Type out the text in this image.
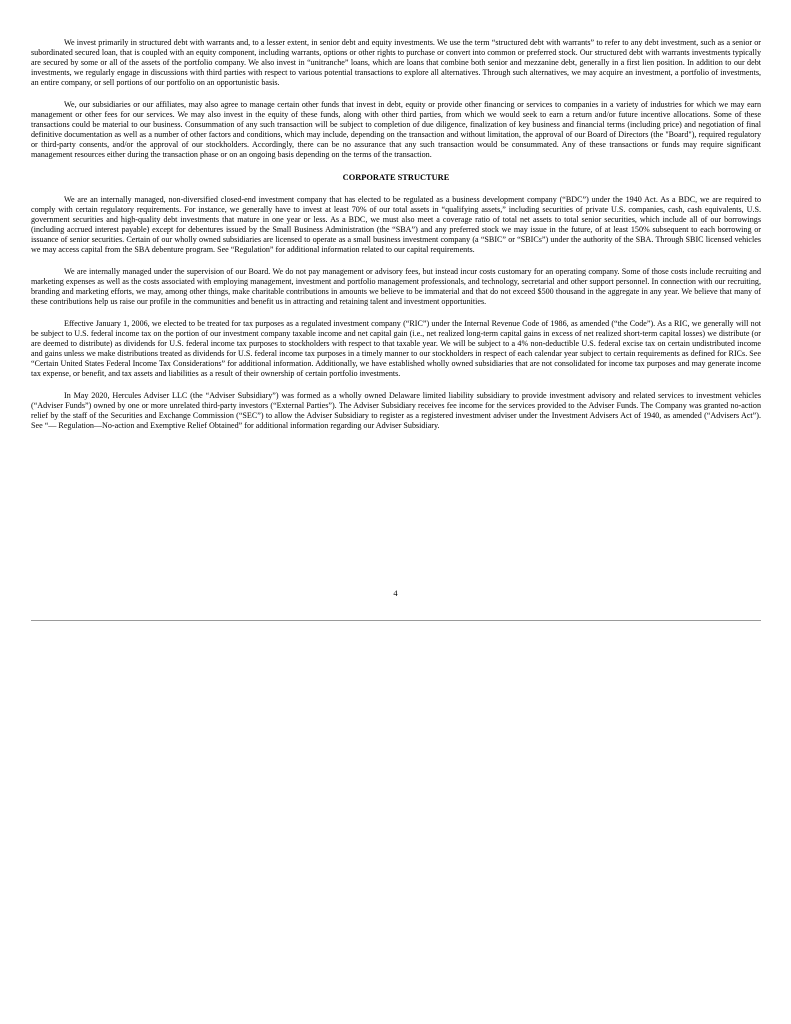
We invest primarily in structured debt with warrants and, to a lesser extent, in senior debt and equity investments. We use the term “structured debt with warrants” to refer to any debt investment, such as a senior or subordinated secured loan, that is coupled with an equity component, including warrants, options or other rights to purchase or convert into common or preferred stock. Our structured debt with warrants investments typically are secured by some or all of the assets of the portfolio company. We also invest in “unitranche” loans, which are loans that combine both senior and mezzanine debt, generally in a first lien position. In addition to our debt investments, we regularly engage in discussions with third parties with respect to various potential transactions to explore all alternatives. Through such alternatives, we may acquire an investment, a portfolio of investments, an entire company, or sell portions of our portfolio on an opportunistic basis.

We, our subsidiaries or our affiliates, may also agree to manage certain other funds that invest in debt, equity or provide other financing or services to companies in a variety of industries for which we may earn management or other fees for our services. We may also invest in the equity of these funds, along with other third parties, from which we would seek to earn a return and/or future incentive allocations. Some of these transactions could be material to our business. Consummation of any such transaction will be subject to completion of due diligence, finalization of key business and financial terms (including price) and negotiation of final definitive documentation as well as a number of other factors and conditions, which may include, depending on the transaction and without limitation, the approval of our Board of Directors (the "Board"), required regulatory or third-party consents, and/or the approval of our stockholders. Accordingly, there can be no assurance that any such transaction would be consummated. Any of these transactions or funds may require significant management resources either during the transaction phase or on an ongoing basis depending on the terms of the transaction.

CORPORATE STRUCTURE

We are an internally managed, non-diversified closed-end investment company that has elected to be regulated as a business development company (“BDC”) under the 1940 Act. As a BDC, we are required to comply with certain regulatory requirements. For instance, we generally have to invest at least 70% of our total assets in “qualifying assets,” including securities of private U.S. companies, cash, cash equivalents, U.S. government securities and high-quality debt investments that mature in one year or less. As a BDC, we must also meet a coverage ratio of total net assets to total senior securities, which include all of our borrowings (including accrued interest payable) except for debentures issued by the Small Business Administration (the “SBA”) and any preferred stock we may issue in the future, of at least 150% subsequent to each borrowing or issuance of senior securities. Certain of our wholly owned subsidiaries are licensed to operate as a small business investment company (a “SBIC” or “SBICs”) under the authority of the SBA. Through SBIC licensed vehicles we may access capital from the SBA debenture program. See “Regulation” for additional information related to our capital requirements.

We are internally managed under the supervision of our Board. We do not pay management or advisory fees, but instead incur costs customary for an operating company. Some of those costs include recruiting and marketing expenses as well as the costs associated with employing management, investment and portfolio management professionals, and technology, secretarial and other support personnel. In connection with our recruiting, branding and marketing efforts, we may, among other things, make charitable contributions in amounts we believe to be immaterial and that do not exceed $500 thousand in the aggregate in any year. We believe that many of these contributions help us raise our profile in the communities and benefit us in attracting and retaining talent and investment opportunities.

Effective January 1, 2006, we elected to be treated for tax purposes as a regulated investment company (“RIC”) under the Internal Revenue Code of 1986, as amended (“the Code”). As a RIC, we generally will not be subject to U.S. federal income tax on the portion of our investment company taxable income and net capital gain (i.e., net realized long-term capital gains in excess of net realized short-term capital losses) we distribute (or are deemed to distribute) as dividends for U.S. federal income tax purposes to stockholders with respect to that taxable year. We will be subject to a 4% non-deductible U.S. federal excise tax on certain undistributed income and gains unless we make distributions treated as dividends for U.S. federal income tax purposes in a timely manner to our stockholders in respect of each calendar year subject to certain requirements as defined for RICs. See “Certain United States Federal Income Tax Considerations” for additional information. Additionally, we have established wholly owned subsidiaries that are not consolidated for income tax purposes and may generate income tax expense, or benefit, and tax assets and liabilities as a result of their ownership of certain portfolio investments.

In May 2020, Hercules Adviser LLC (the “Adviser Subsidiary”) was formed as a wholly owned Delaware limited liability subsidiary to provide investment advisory and related services to investment vehicles (“Adviser Funds”) owned by one or more unrelated third-party investors (“External Parties”). The Adviser Subsidiary receives fee income for the services provided to the Adviser Funds. The Company was granted no-action relief by the staff of the Securities and Exchange Commission (“SEC”) to allow the Adviser Subsidiary to register as a registered investment adviser under the Investment Advisers Act of 1940, as amended (“Advisers Act”). See “— Regulation—No-action and Exemptive Relief Obtained” for additional information regarding our Adviser Subsidiary.

4
